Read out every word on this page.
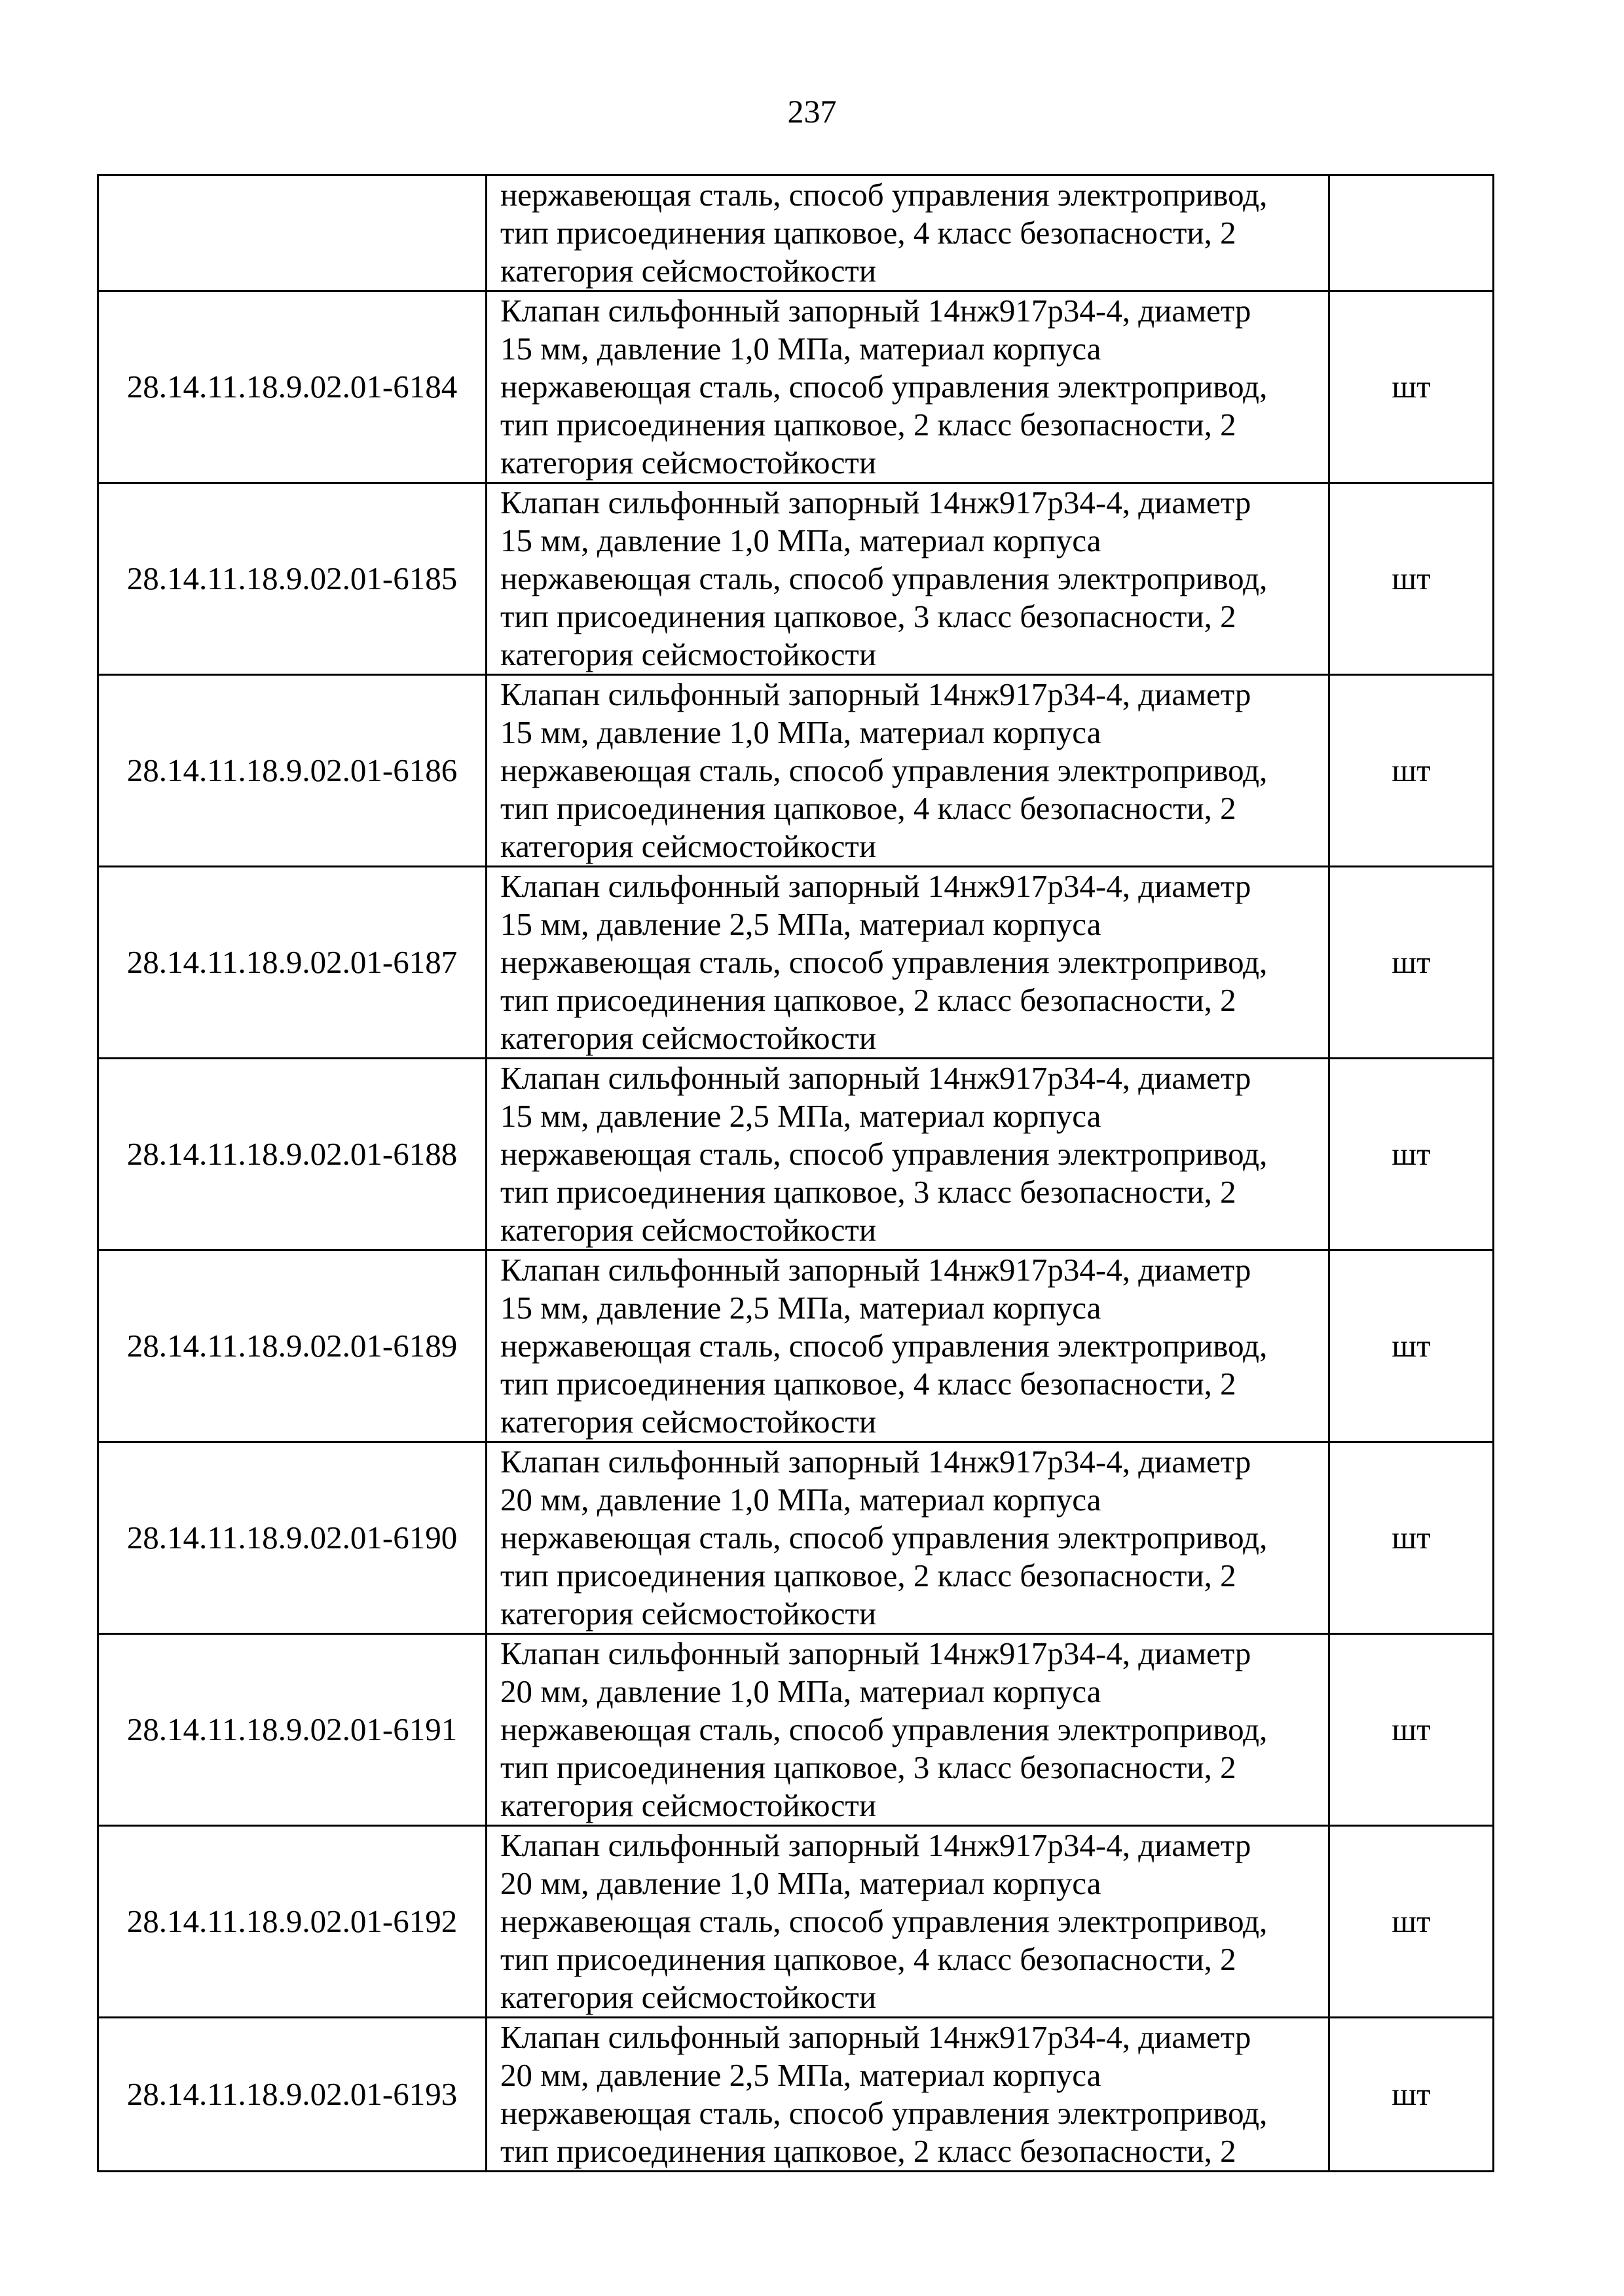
237
	нержавеющая сталь, способ управления электропривод,
тип присоединения цапковое, 4 класс безопасности, 2
категория сейсмостойкости	
28.14.11.18.9.02.01-6184	Клапан сильфонный запорный 14нж917р34-4, диаметр
15 мм, давление 1,0 МПа, материал корпуса
нержавеющая сталь, способ управления электропривод,
тип присоединения цапковое, 2 класс безопасности, 2
категория сейсмостойкости	шт
28.14.11.18.9.02.01-6185	Клапан сильфонный запорный 14нж917р34-4, диаметр
15 мм, давление 1,0 МПа, материал корпуса
нержавеющая сталь, способ управления электропривод,
тип присоединения цапковое, 3 класс безопасности, 2
категория сейсмостойкости	шт
28.14.11.18.9.02.01-6186	Клапан сильфонный запорный 14нж917р34-4, диаметр
15 мм, давление 1,0 МПа, материал корпуса
нержавеющая сталь, способ управления электропривод,
тип присоединения цапковое, 4 класс безопасности, 2
категория сейсмостойкости	шт
28.14.11.18.9.02.01-6187	Клапан сильфонный запорный 14нж917р34-4, диаметр
15 мм, давление 2,5 МПа, материал корпуса
нержавеющая сталь, способ управления электропривод,
тип присоединения цапковое, 2 класс безопасности, 2
категория сейсмостойкости	шт
28.14.11.18.9.02.01-6188	Клапан сильфонный запорный 14нж917р34-4, диаметр
15 мм, давление 2,5 МПа, материал корпуса
нержавеющая сталь, способ управления электропривод,
тип присоединения цапковое, 3 класс безопасности, 2
категория сейсмостойкости	шт
28.14.11.18.9.02.01-6189	Клапан сильфонный запорный 14нж917р34-4, диаметр
15 мм, давление 2,5 МПа, материал корпуса
нержавеющая сталь, способ управления электропривод,
тип присоединения цапковое, 4 класс безопасности, 2
категория сейсмостойкости	шт
28.14.11.18.9.02.01-6190	Клапан сильфонный запорный 14нж917р34-4, диаметр
20 мм, давление 1,0 МПа, материал корпуса
нержавеющая сталь, способ управления электропривод,
тип присоединения цапковое, 2 класс безопасности, 2
категория сейсмостойкости	шт
28.14.11.18.9.02.01-6191	Клапан сильфонный запорный 14нж917р34-4, диаметр
20 мм, давление 1,0 МПа, материал корпуса
нержавеющая сталь, способ управления электропривод,
тип присоединения цапковое, 3 класс безопасности, 2
категория сейсмостойкости	шт
28.14.11.18.9.02.01-6192	Клапан сильфонный запорный 14нж917р34-4, диаметр
20 мм, давление 1,0 МПа, материал корпуса
нержавеющая сталь, способ управления электропривод,
тип присоединения цапковое, 4 класс безопасности, 2
категория сейсмостойкости	шт
28.14.11.18.9.02.01-6193	Клапан сильфонный запорный 14нж917р34-4, диаметр
20 мм, давление 2,5 МПа, материал корпуса
нержавеющая сталь, способ управления электропривод,
тип присоединения цапковое, 2 класс безопасности, 2	шт
